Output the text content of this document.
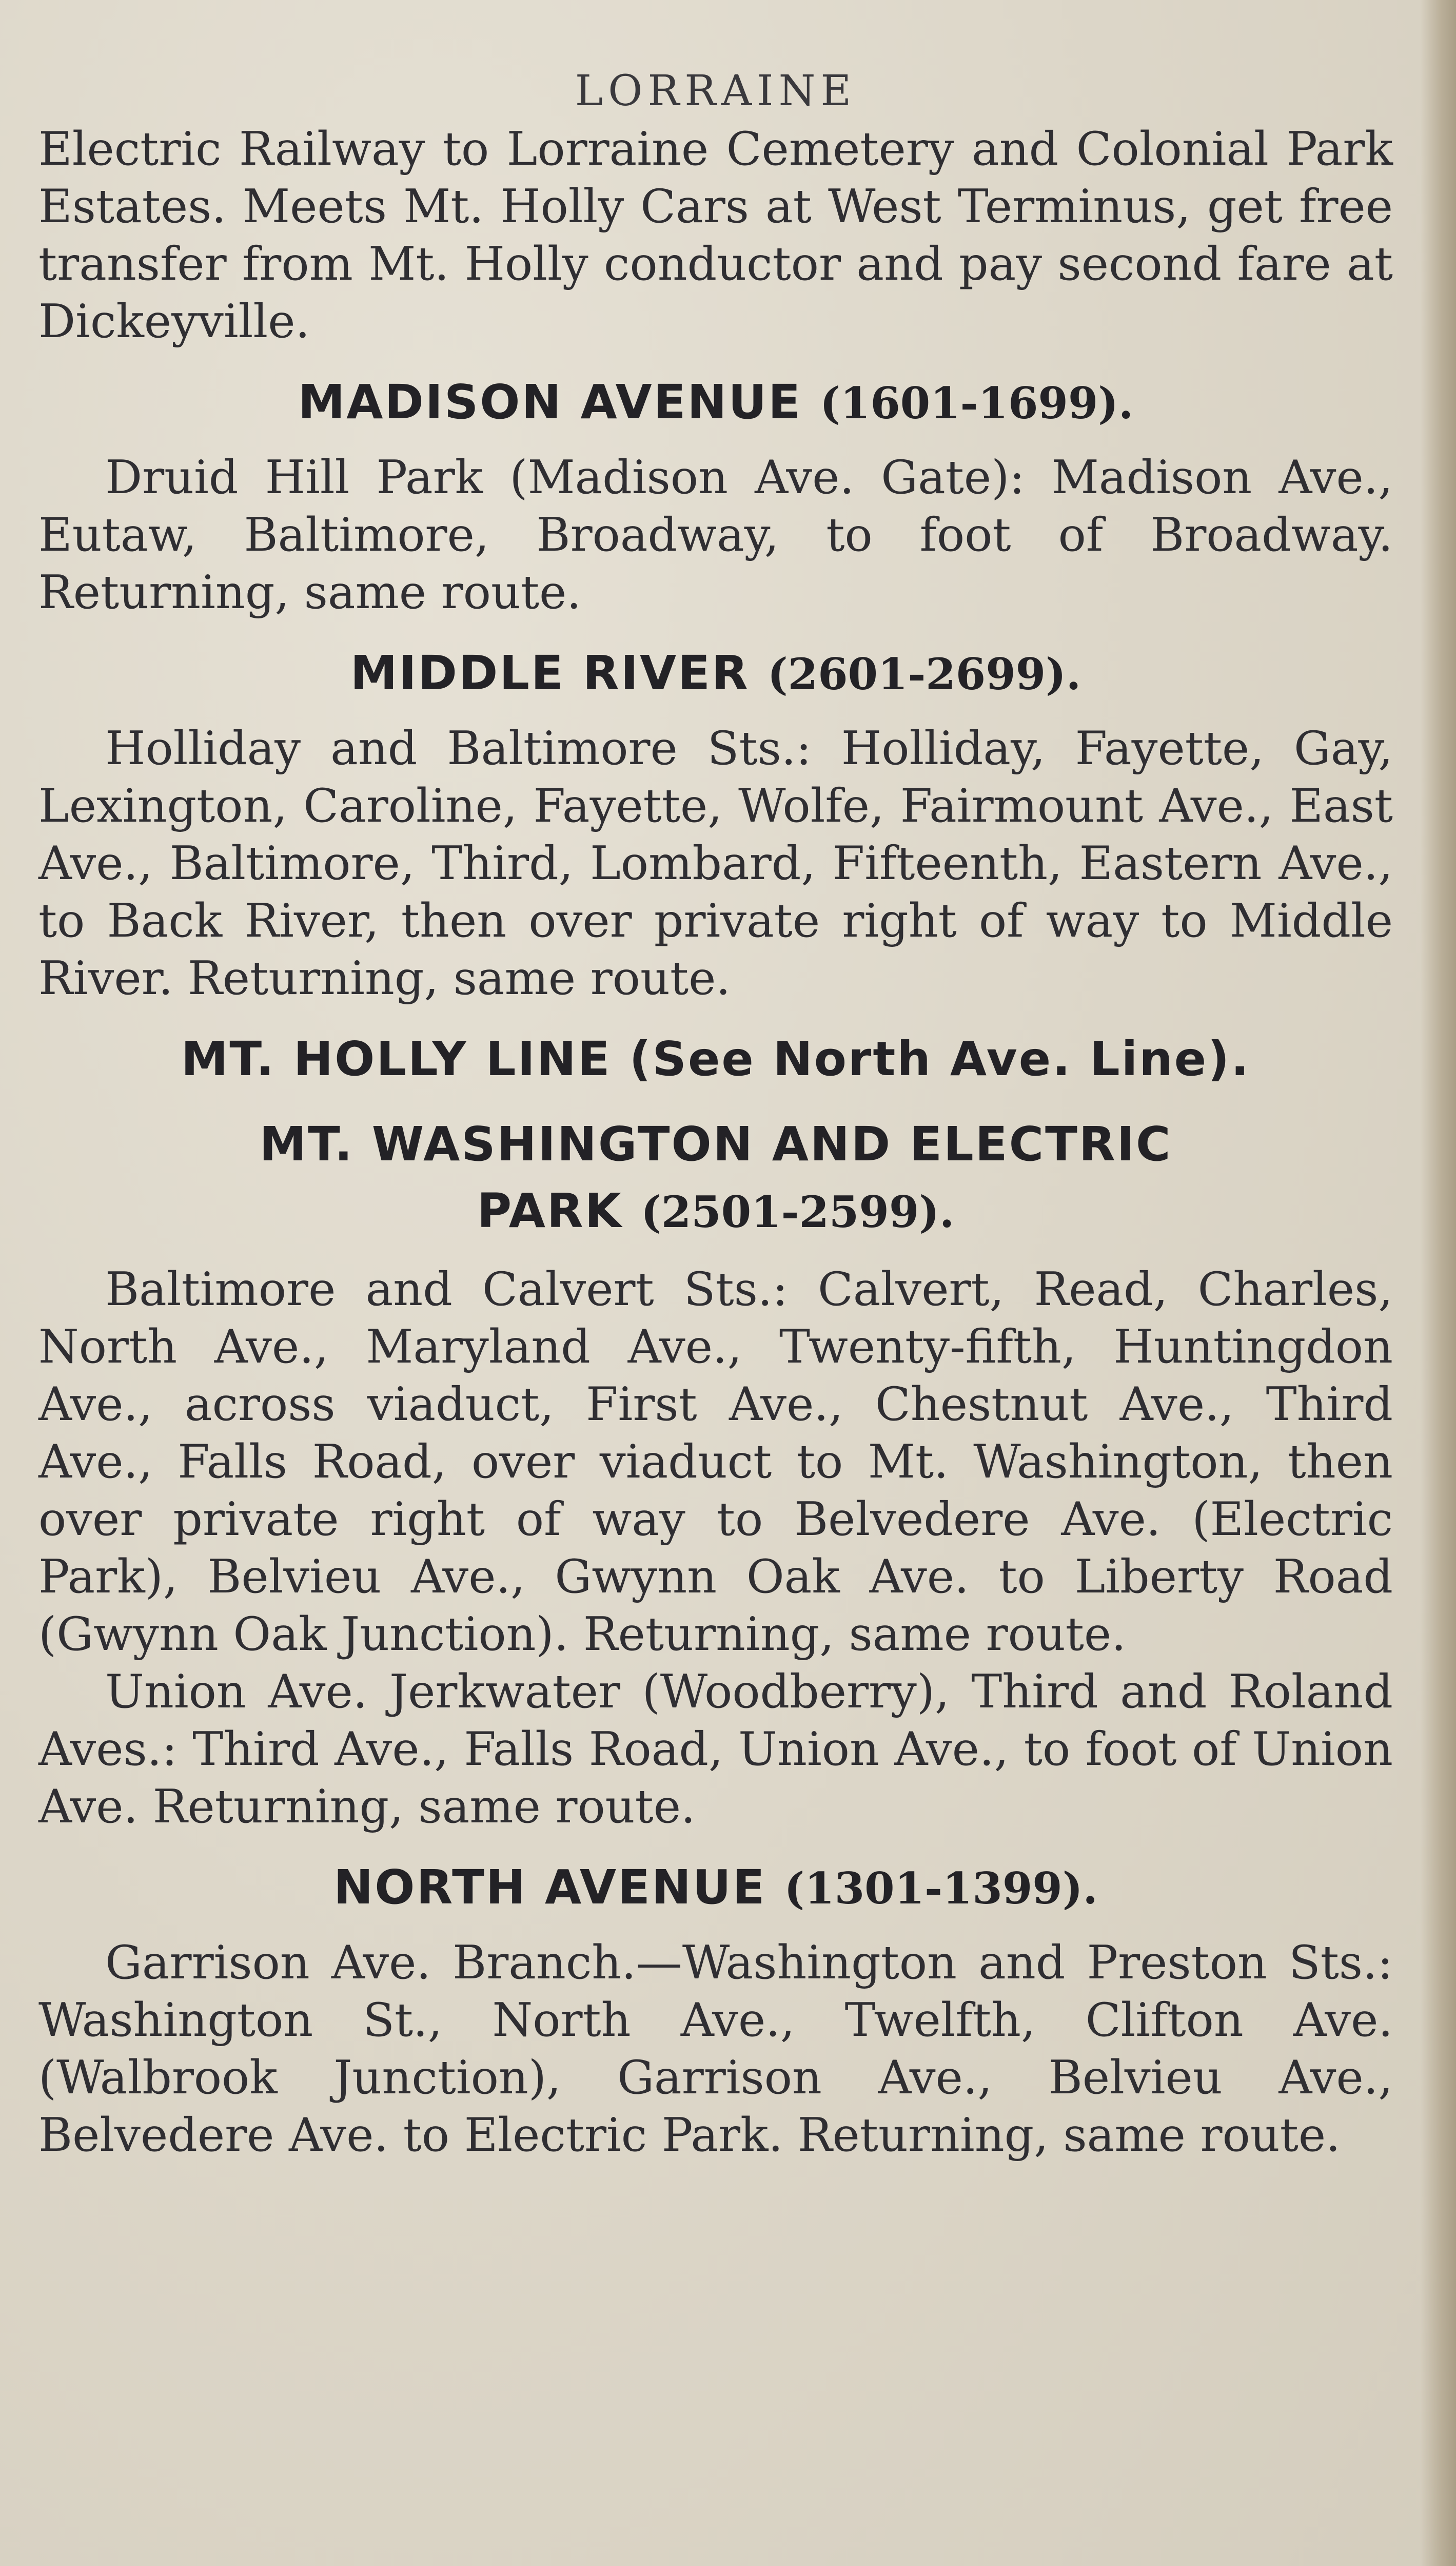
LORRAINE

Electric Railway to Lorraine Cemetery and Colonial Park Estates. Meets Mt. Holly Cars at West Terminus, get free transfer from Mt. Holly conductor and pay second fare at Dickeyville.

MADISON AVENUE (1601-1699).

Druid Hill Park (Madison Ave. Gate): Madison Ave., Eutaw, Baltimore, Broadway, to foot of Broadway. Returning, same route.

MIDDLE RIVER (2601-2699).

Holliday and Baltimore Sts.: Holliday, Fayette, Gay, Lexington, Caroline, Fayette, Wolfe, Fairmount Ave., East Ave., Baltimore, Third, Lombard, Fifteenth, Eastern Ave., to Back River, then over private right of way to Middle River. Returning, same route.

MT. HOLLY LINE (See North Ave. Line).
MT. WASHINGTON AND ELECTRIC
PARK (2501-2599).

Baltimore and Calvert Sts.: Calvert, Read, Charles, North Ave., Maryland Ave., Twenty-fifth, Huntingdon Ave., across viaduct, First Ave., Chestnut Ave., Third Ave., Falls Road, over viaduct to Mt. Washington, then over private right of way to Belvedere Ave. (Electric Park), Belvieu Ave., Gwynn Oak Ave. to Liberty Road (Gwynn Oak Junction). Returning, same route.

Union Ave. Jerkwater (Woodberry), Third and Roland Aves.: Third Ave., Falls Road, Union Ave., to foot of Union Ave. Returning, same route.

NORTH AVENUE (1301-1399).

Garrison Ave. Branch.—Washington and Preston Sts.: Washington St., North Ave., Twelfth, Clifton Ave. (Walbrook Junction), Garrison Ave., Belvieu Ave., Belvedere Ave. to Electric Park. Returning, same route.
